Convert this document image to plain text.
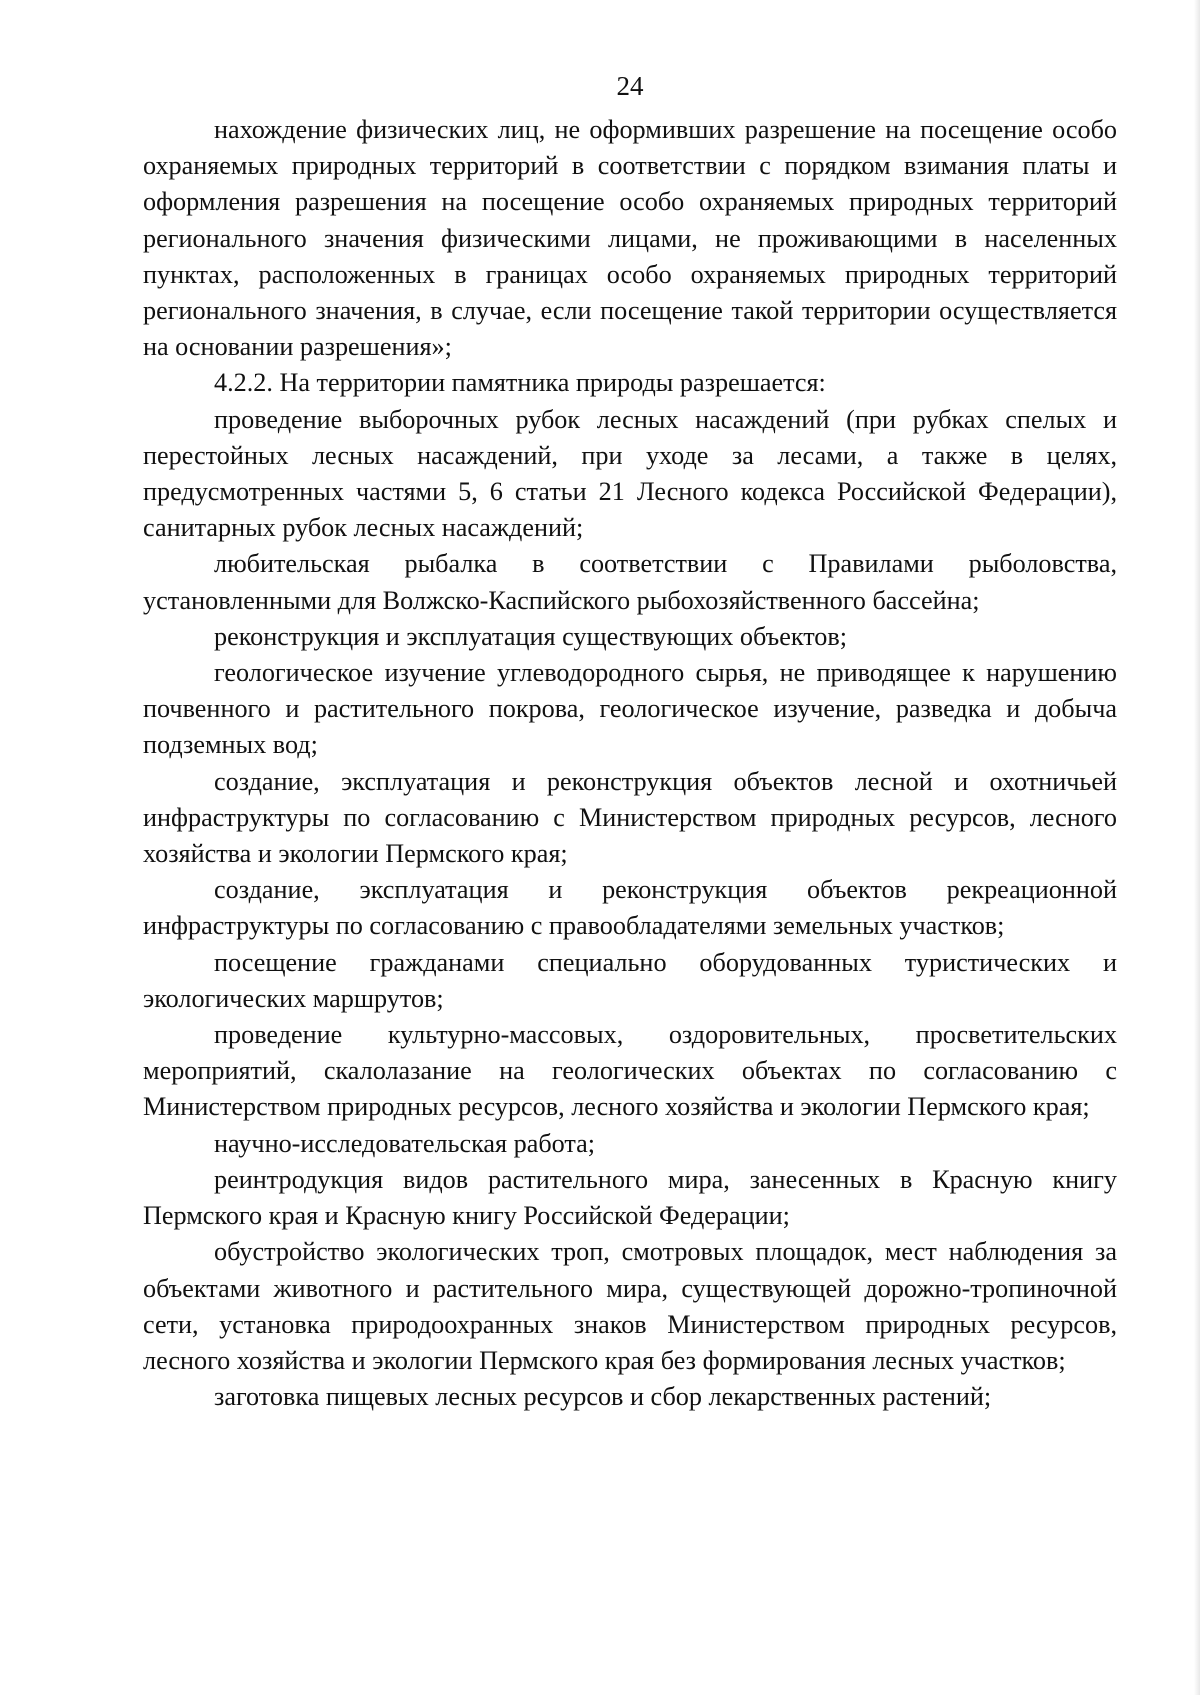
24

нахождение физических лиц, не оформивших разрешение на посещение особо охраняемых природных территорий в соответствии с порядком взимания платы и оформления разрешения на посещение особо охраняемых природных территорий регионального значения физическими лицами, не проживающими в населенных пунктах, расположенных в границах особо охраняемых природных территорий регионального значения, в случае, если посещение такой территории осуществляется на основании разрешения»;

4.2.2. На территории памятника природы разрешается:

проведение выборочных рубок лесных насаждений (при рубках спелых и перестойных лесных насаждений, при уходе за лесами, а также в целях, предусмотренных частями 5, 6 статьи 21 Лесного кодекса Российской Федерации), санитарных рубок лесных насаждений;

любительская рыбалка в соответствии с Правилами рыболовства, установленными для Волжско-Каспийского рыбохозяйственного бассейна;

реконструкция и эксплуатация существующих объектов;

геологическое изучение углеводородного сырья, не приводящее к нарушению почвенного и растительного покрова, геологическое изучение, разведка и добыча подземных вод;

создание, эксплуатация и реконструкция объектов лесной и охотничьей инфраструктуры по согласованию с Министерством природных ресурсов, лесного хозяйства и экологии Пермского края;

создание, эксплуатация и реконструкция объектов рекреационной инфраструктуры по согласованию с правообладателями земельных участков;

посещение гражданами специально оборудованных туристических и экологических маршрутов;

проведение культурно-массовых, оздоровительных, просветительских мероприятий, скалолазание на геологических объектах по согласованию с Министерством природных ресурсов, лесного хозяйства и экологии Пермского края;

научно-исследовательская работа;

реинтродукция видов растительного мира, занесенных в Красную книгу Пермского края и Красную книгу Российской Федерации;

обустройство экологических троп, смотровых площадок, мест наблюдения за объектами животного и растительного мира, существующей дорожно-тропиночной сети, установка природоохранных знаков Министерством природных ресурсов, лесного хозяйства и экологии Пермского края без формирования лесных участков;

заготовка пищевых лесных ресурсов и сбор лекарственных растений;
